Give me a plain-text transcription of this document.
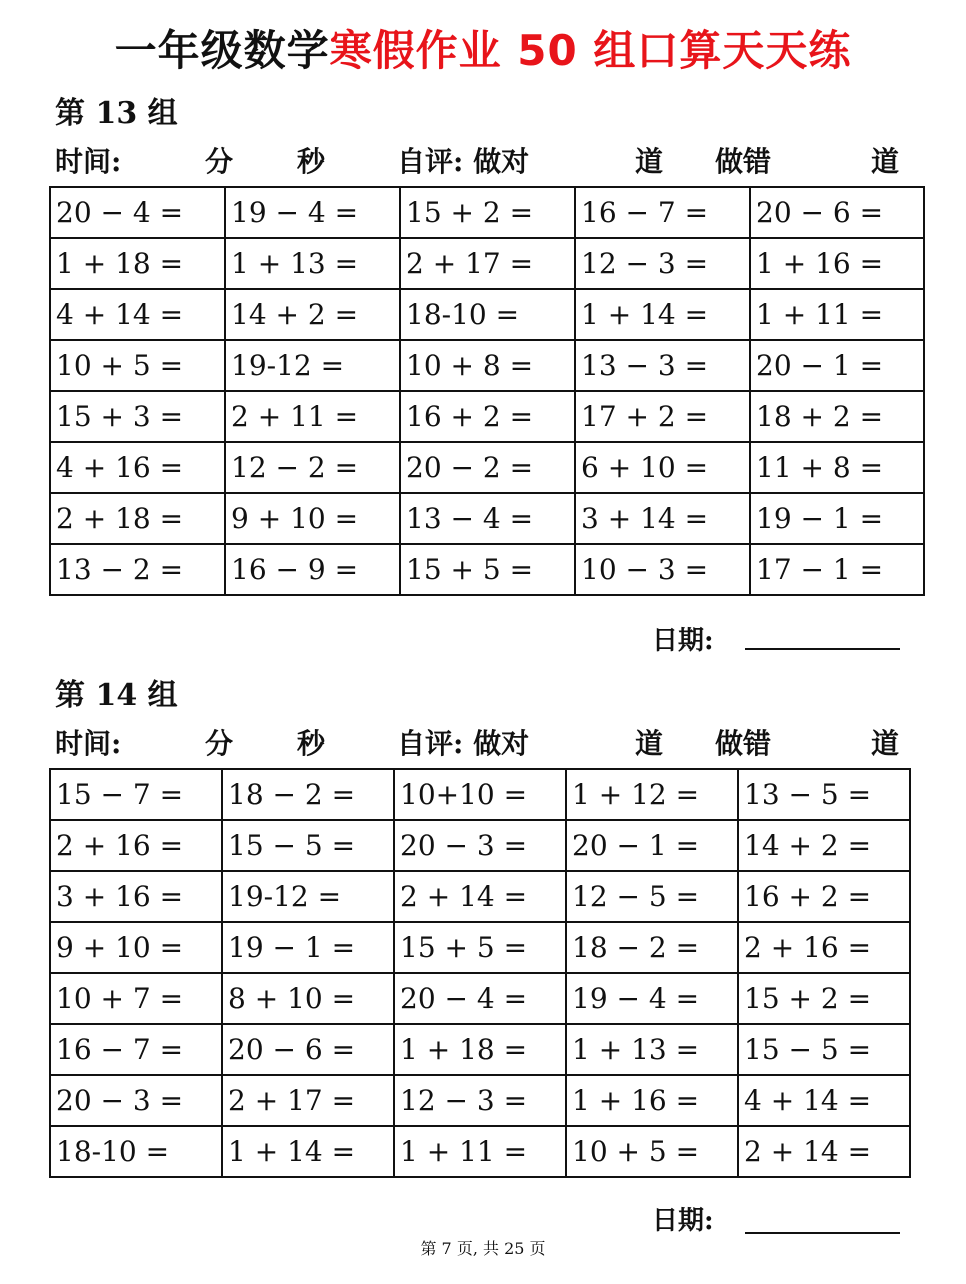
一年级数学寒假作业 50 组口算天天练
第 13 组
时间:	分 秒	自评: 做对	道 做错	道
20 − 4 =	19 − 4 =	15 + 2 =	16 − 7 =	20 − 6 =
1 + 18 =	1 + 13 =	2 + 17 =	12 − 3 =	1 + 16 =
4 + 14 =	14 + 2 =	18-10 =	1 + 14 =	1 + 11 =
10 + 5 =	19-12 =	10 + 8 =	13 − 3 =	20 − 1 =
15 + 3 =	2 + 11 =	16 + 2 =	17 + 2 =	18 + 2 =
4 + 16 =	12 − 2 =	20 − 2 =	6 + 10 =	11 + 8 =
2 + 18 =	9 + 10 =	13 − 4 =	3 + 14 =	19 − 1 =
13 − 2 =	16 − 9 =	15 + 5 =	10 − 3 =	17 − 1 =
日期:
第 14 组
时间:	分 秒	自评: 做对	道 做错	道
15 − 7 =	18 − 2 =	10+10 =	1 + 12 =	13 − 5 =
2 + 16 =	15 − 5 =	20 − 3 =	20 − 1 =	14 + 2 =
3 + 16 =	19-12 =	2 + 14 =	12 − 5 =	16 + 2 =
9 + 10 =	19 − 1 =	15 + 5 =	18 − 2 =	2 + 16 =
10 + 7 =	8 + 10 =	20 − 4 =	19 − 4 =	15 + 2 =
16 − 7 =	20 − 6 =	1 + 18 =	1 + 13 =	15 − 5 =
20 − 3 =	2 + 17 =	12 − 3 =	1 + 16 =	4 + 14 =
18-10 =	1 + 14 =	1 + 11 =	10 + 5 =	2 + 14 =
日期:
第 7 页, 共 25 页
